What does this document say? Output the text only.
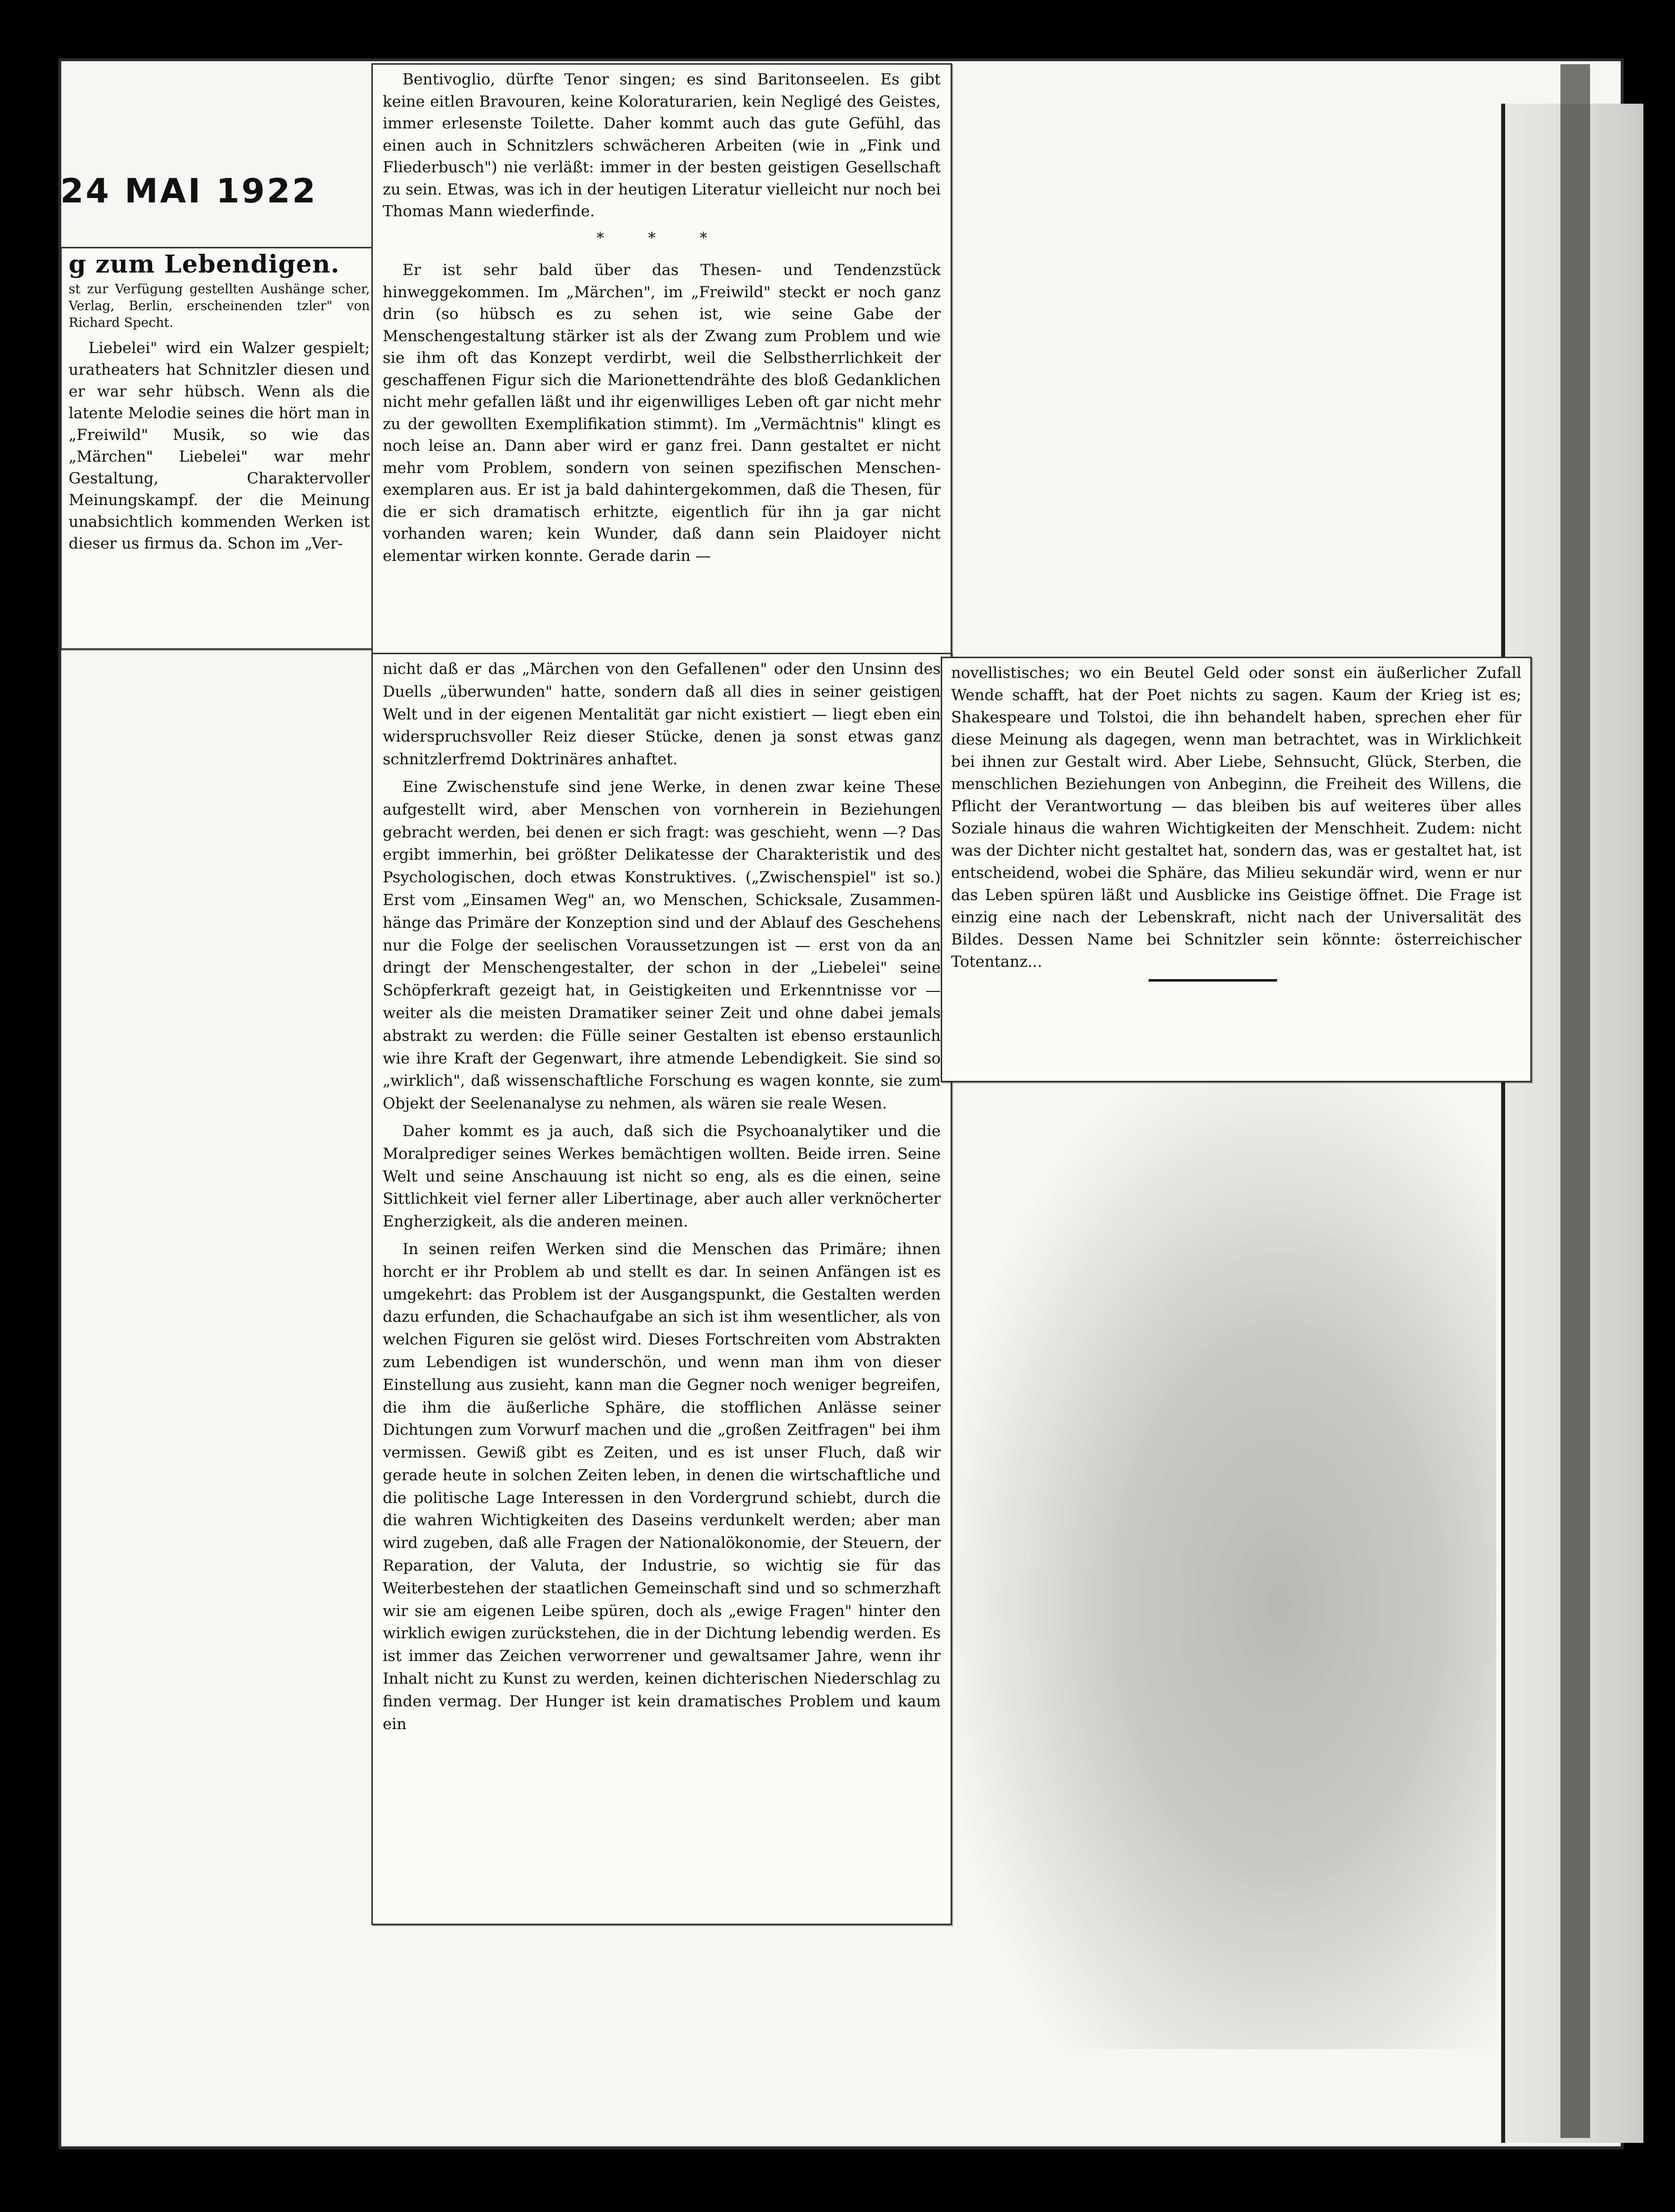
24 MAI 1922
g zum Lebendigen.

st zur Verfügung gestellten Aushänge scher, Verlag, Berlin, erscheinenden tzler" von Richard Specht.

Liebelei" wird ein Walzer gespielt; uratheaters hat Schnitzler diesen und er war sehr hübsch. Wenn als die latente Melodie seines die hört man in „Freiwild" Musik, so wie das „Märchen" Liebelei" war mehr Gestaltung, Charaktervoller Meinungskampf. der die Meinung unabsichtlich kommenden Werken ist dieser us firmus da. Schon im „Ver-

Bentivoglio, dürfte Tenor singen; es sind Baritonseelen. Es gibt keine eitlen Bravouren, keine Koloraturarien, kein Negligé des Geistes, immer erlesenste Toilette. Daher kommt auch das gute Gefühl, das einen auch in Schnitzlers schwächeren Arbeiten (wie in „Fink und Fliederbusch") nie verläßt: immer in der besten geistigen Gesellschaft zu sein. Etwas, was ich in der heutigen Literatur vielleicht nur noch bei Thomas Mann wiederfinde.

* * *

Er ist sehr bald über das Thesen- und Tendenzstück hinweggekommen. Im „Märchen", im „Freiwild" steckt er noch ganz drin (so hübsch es zu sehen ist, wie seine Gabe der Menschengestaltung stärker ist als der Zwang zum Problem und wie sie ihm oft das Konzept verdirbt, weil die Selbstherrlichkeit der geschaffenen Figur sich die Marionettendrähte des bloß Gedanklichen nicht mehr gefallen läßt und ihr eigenwilliges Leben oft gar nicht mehr zu der gewollten Exemplifikation stimmt). Im „Vermächtnis" klingt es noch leise an. Dann aber wird er ganz frei. Dann gestaltet er nicht mehr vom Problem, sondern von seinen spezifischen Menschenexemplaren aus. Er ist ja bald dahintergekommen, daß die Thesen, für die er sich dramatisch erhitzte, eigentlich für ihn ja gar nicht vorhanden waren; kein Wunder, daß dann sein Plaidoyer nicht elementar wirken konnte. Gerade darin —

nicht daß er das „Märchen von den Gefallenen" oder den Unsinn des Duells „überwunden" hatte, sondern daß all dies in seiner geistigen Welt und in der eigenen Mentalität gar nicht existiert — liegt eben ein widerspruchsvoller Reiz dieser Stücke, denen ja sonst etwas ganz schnitzlerfremd Doktrinäres anhaftet.

Eine Zwischenstufe sind jene Werke, in denen zwar keine These aufgestellt wird, aber Menschen von vornherein in Beziehungen gebracht werden, bei denen er sich fragt: was geschieht, wenn —? Das ergibt immerhin, bei größter Delikatesse der Charakteristik und des Psychologischen, doch etwas Konstruktives. („Zwischenspiel" ist so.) Erst vom „Einsamen Weg" an, wo Menschen, Schicksale, Zusammenhänge das Primäre der Konzeption sind und der Ablauf des Geschehens nur die Folge der seelischen Voraussetzungen ist — erst von da an dringt der Menschengestalter, der schon in der „Liebelei" seine Schöpferkraft gezeigt hat, in Geistigkeiten und Erkenntnisse vor — weiter als die meisten Dramatiker seiner Zeit und ohne dabei jemals abstrakt zu werden: die Fülle seiner Gestalten ist ebenso erstaunlich wie ihre Kraft der Gegenwart, ihre atmende Lebendigkeit. Sie sind so „wirklich", daß wissenschaftliche Forschung es wagen konnte, sie zum Objekt der Seelenanalyse zu nehmen, als wären sie reale Wesen.

Daher kommt es ja auch, daß sich die Psychoanalytiker und die Moralprediger seines Werkes bemächtigen wollten. Beide irren. Seine Welt und seine Anschauung ist nicht so eng, als es die einen, seine Sittlichkeit viel ferner aller Libertinage, aber auch aller verknöcherter Engherzigkeit, als die anderen meinen.

In seinen reifen Werken sind die Menschen das Primäre; ihnen horcht er ihr Problem ab und stellt es dar. In seinen Anfängen ist es umgekehrt: das Problem ist der Ausgangspunkt, die Gestalten werden dazu erfunden, die Schachaufgabe an sich ist ihm wesentlicher, als von welchen Figuren sie gelöst wird. Dieses Fortschreiten vom Abstrakten zum Lebendigen ist wunderschön, und wenn man ihm von dieser Einstellung aus zusieht, kann man die Gegner noch weniger begreifen, die ihm die äußerliche Sphäre, die stofflichen Anlässe seiner Dichtungen zum Vorwurf machen und die „großen Zeitfragen" bei ihm vermissen. Gewiß gibt es Zeiten, und es ist unser Fluch, daß wir gerade heute in solchen Zeiten leben, in denen die wirtschaftliche und die politische Lage Interessen in den Vordergrund schiebt, durch die die wahren Wichtigkeiten des Daseins verdunkelt werden; aber man wird zugeben, daß alle Fragen der Nationalökonomie, der Steuern, der Reparation, der Valuta, der Industrie, so wichtig sie für das Weiterbestehen der staatlichen Gemeinschaft sind und so schmerzhaft wir sie am eigenen Leibe spüren, doch als „ewige Fragen" hinter den wirklich ewigen zurückstehen, die in der Dichtung lebendig werden. Es ist immer das Zeichen verworrener und gewaltsamer Jahre, wenn ihr Inhalt nicht zu Kunst zu werden, keinen dichterischen Niederschlag zu finden vermag. Der Hunger ist kein dramatisches Problem und kaum ein

novellistisches; wo ein Beutel Geld oder sonst ein äußerlicher Zufall Wende schafft, hat der Poet nichts zu sagen. Kaum der Krieg ist es; Shakespeare und Tolstoi, die ihn behandelt haben, sprechen eher für diese Meinung als dagegen, wenn man betrachtet, was in Wirklichkeit bei ihnen zur Gestalt wird. Aber Liebe, Sehnsucht, Glück, Sterben, die menschlichen Beziehungen von Anbeginn, die Freiheit des Willens, die Pflicht der Verantwortung — das bleiben bis auf weiteres über alles Soziale hinaus die wahren Wichtigkeiten der Menschheit. Zudem: nicht was der Dichter nicht gestaltet hat, sondern das, was er gestaltet hat, ist entscheidend, wobei die Sphäre, das Milieu sekundär wird, wenn er nur das Leben spüren läßt und Ausblicke ins Geistige öffnet. Die Frage ist einzig eine nach der Lebenskraft, nicht nach der Universalität des Bildes. Dessen Name bei Schnitzler sein könnte: österreichischer Totentanz...
